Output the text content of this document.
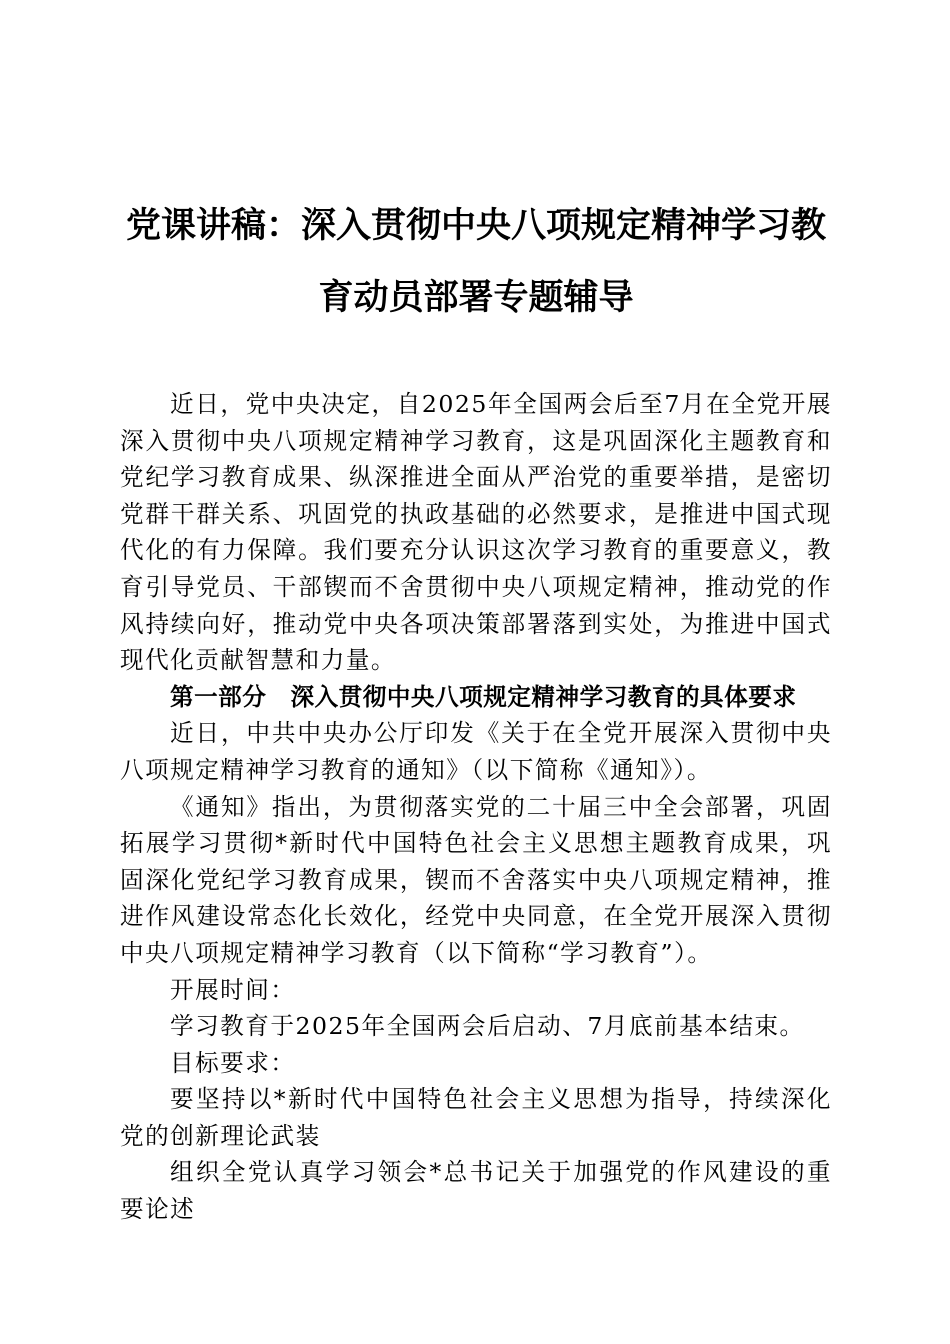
党课讲稿：深入贯彻中央八项规定精神学习教
育动员部署专题辅导

近日，党中央决定，自2025年全国两会后至7月在全党开展深入贯彻中央八项规定精神学习教育，这是巩固深化主题教育和党纪学习教育成果、纵深推进全面从严治党的重要举措，是密切党群干群关系、巩固党的执政基础的必然要求，是推进中国式现代化的有力保障。我们要充分认识这次学习教育的重要意义，教育引导党员、干部锲而不舍贯彻中央八项规定精神，推动党的作风持续向好，推动党中央各项决策部署落到实处，为推进中国式现代化贡献智慧和力量。

第一部分　深入贯彻中央八项规定精神学习教育的具体要求

近日，中共中央办公厅印发《关于在全党开展深入贯彻中央八项规定精神学习教育的通知》（以下简称《通知》）。

《通知》指出，为贯彻落实党的二十届三中全会部署，巩固拓展学习贯彻*新时代中国特色社会主义思想主题教育成果，巩固深化党纪学习教育成果，锲而不舍落实中央八项规定精神，推进作风建设常态化长效化，经党中央同意，在全党开展深入贯彻中央八项规定精神学习教育（以下简称“学习教育”）。

开展时间：

学习教育于2025年全国两会后启动、7月底前基本结束。

目标要求：

要坚持以*新时代中国特色社会主义思想为指导，持续深化党的创新理论武装

组织全党认真学习领会*总书记关于加强党的作风建设的重要论述
